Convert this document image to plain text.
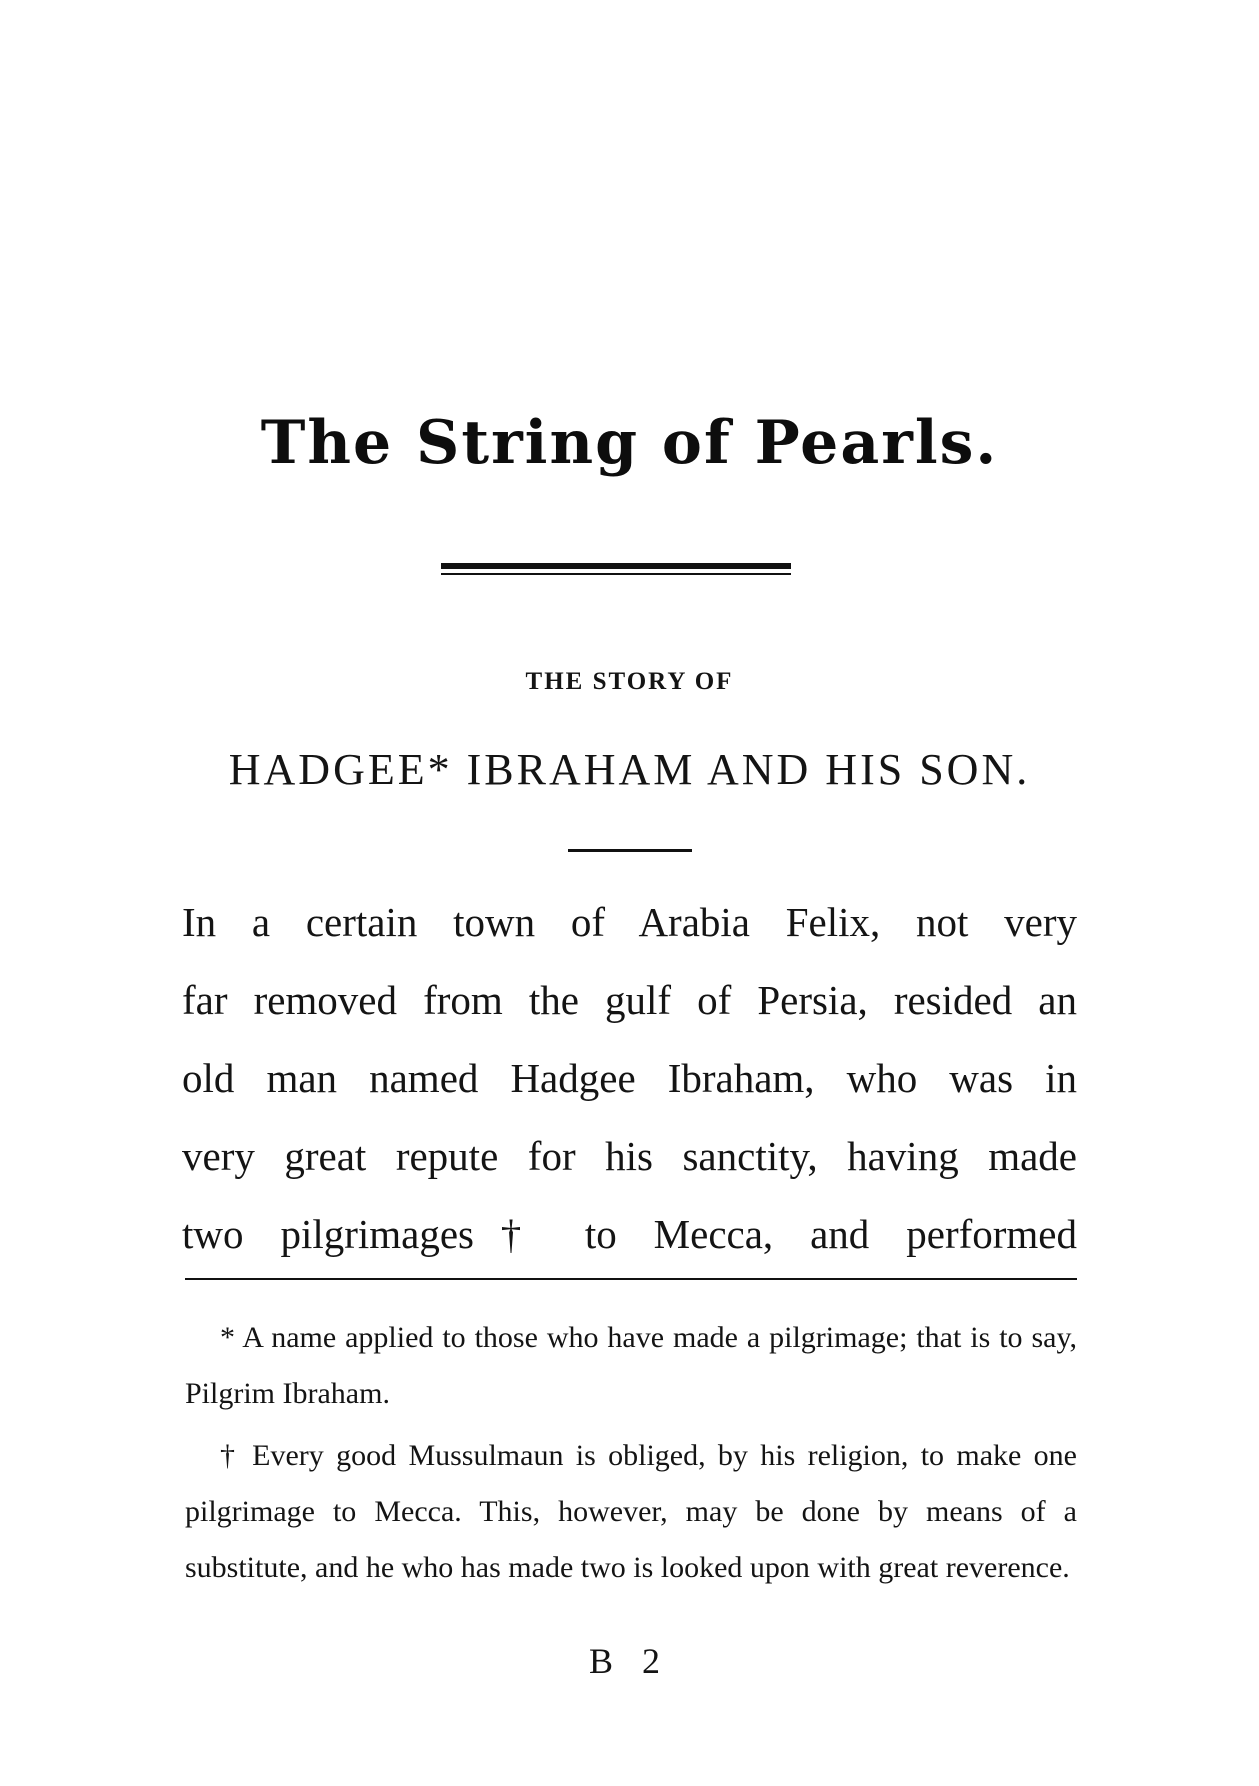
The String of Pearls.

THE STORY OF

HADGEE* IBRAHAM AND HIS SON.
In a certain town of Arabia Felix, not very
far removed from the gulf of Persia, resided an
old man named Hadgee Ibraham, who was in
very great repute for his sanctity, having made
two pilgrimages† to Mecca, and performed

* A name applied to those who have made a pilgrimage; that is to say, Pilgrim Ibraham.

† Every good Mussulmaun is obliged, by his religion, to make one pilgrimage to Mecca. This, however, may be done by means of a substitute, and he who has made two is looked upon with great reverence.

B 2
